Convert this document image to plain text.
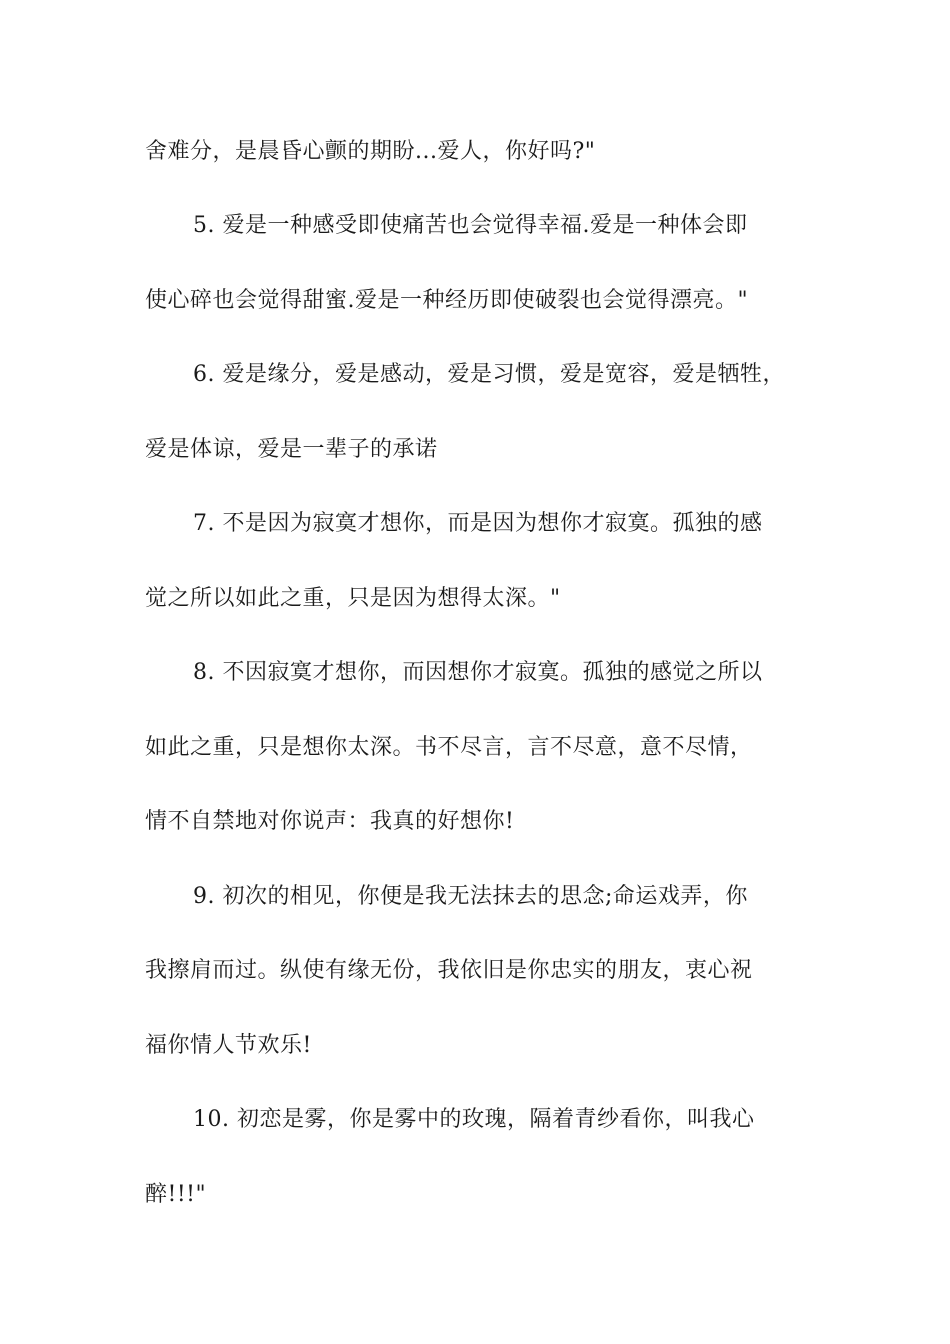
舍难分，是晨昏心颤的期盼...爱人，你好吗?"
5. 爱是一种感受即使痛苦也会觉得幸福.爱是一种体会即
使心碎也会觉得甜蜜.爱是一种经历即使破裂也会觉得漂亮。"
6. 爱是缘分，爱是感动，爱是习惯，爱是宽容，爱是牺牲，
爱是体谅，爱是一辈子的承诺
7. 不是因为寂寞才想你，而是因为想你才寂寞。孤独的感
觉之所以如此之重，只是因为想得太深。"
8. 不因寂寞才想你，而因想你才寂寞。孤独的感觉之所以
如此之重，只是想你太深。书不尽言，言不尽意，意不尽情，
情不自禁地对你说声：我真的好想你!
9. 初次的相见，你便是我无法抹去的思念;命运戏弄，你
我擦肩而过。纵使有缘无份，我依旧是你忠实的朋友，衷心祝
福你情人节欢乐!
10. 初恋是雾，你是雾中的玫瑰，隔着青纱看你，叫我心
醉!!!"
